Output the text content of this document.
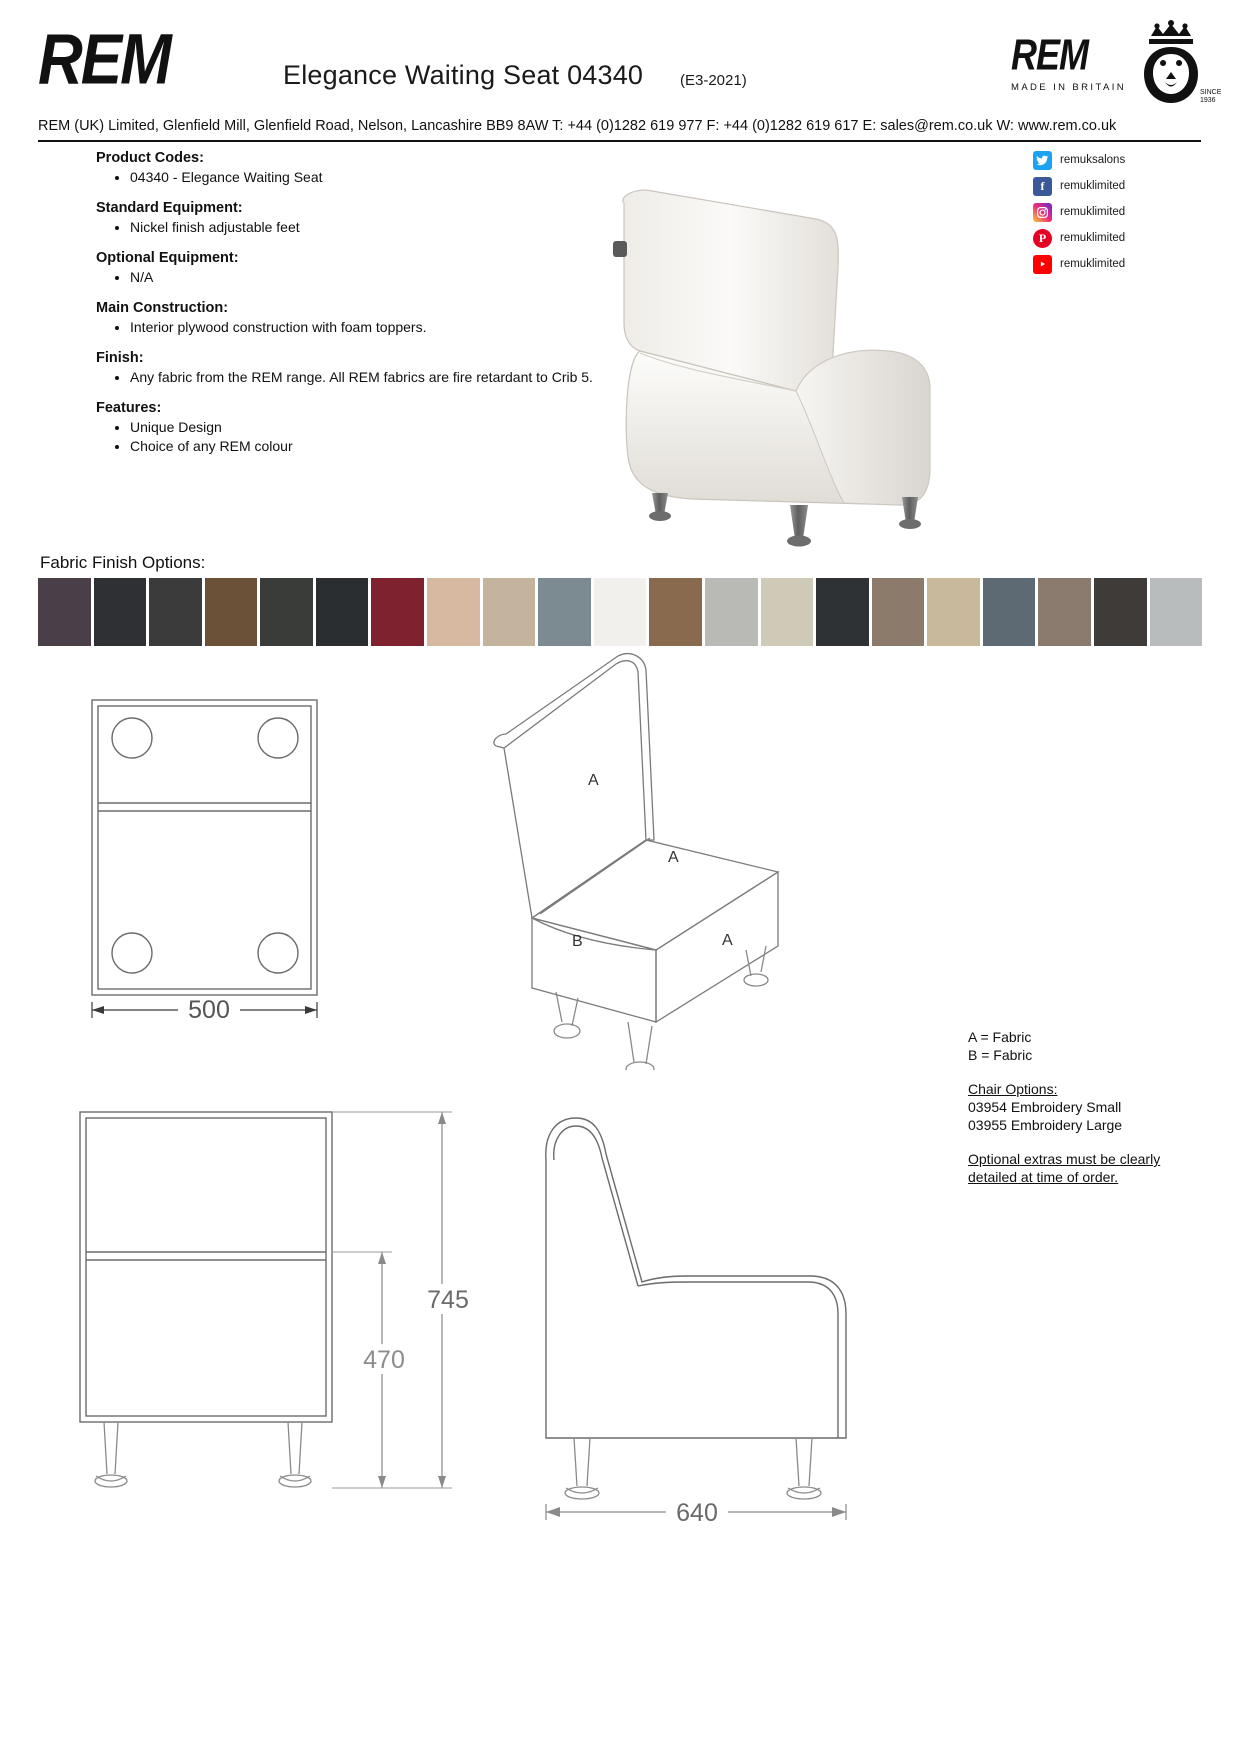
REM	Elegance Waiting Seat 04340 (E3-2021)
REM
MADE IN BRITAIN	SINCE
1936
REM (UK) Limited, Glenfield Mill, Glenfield Road, Nelson, Lancashire BB9 8AW T: +44 (0)1282 619 977 F: +44 (0)1282 619 617 E: sales@rem.co.uk W: www.rem.co.uk
Product Codes:
• 04340 - Elegance Waiting Seat
Standard Equipment:
• Nickel finish adjustable feet
Optional Equipment:
• N/A
Main Construction:
• Interior plywood construction with foam toppers.
Finish:
• Any fabric from the REM range. All REM fabrics are fire retardant to Crib 5.
Features:
• Unique Design
• Choice of any REM colour
remuksalons
f	remuklimited
remuklimited
P	remuklimited
remuklimited
Fabric Finish Options:
500
A
A
B	A
A = Fabric
B = Fabric
Chair Options:
03954 Embroidery Small
03955 Embroidery Large
Optional extras must be clearly
detailed at time of order.
745
470
640
